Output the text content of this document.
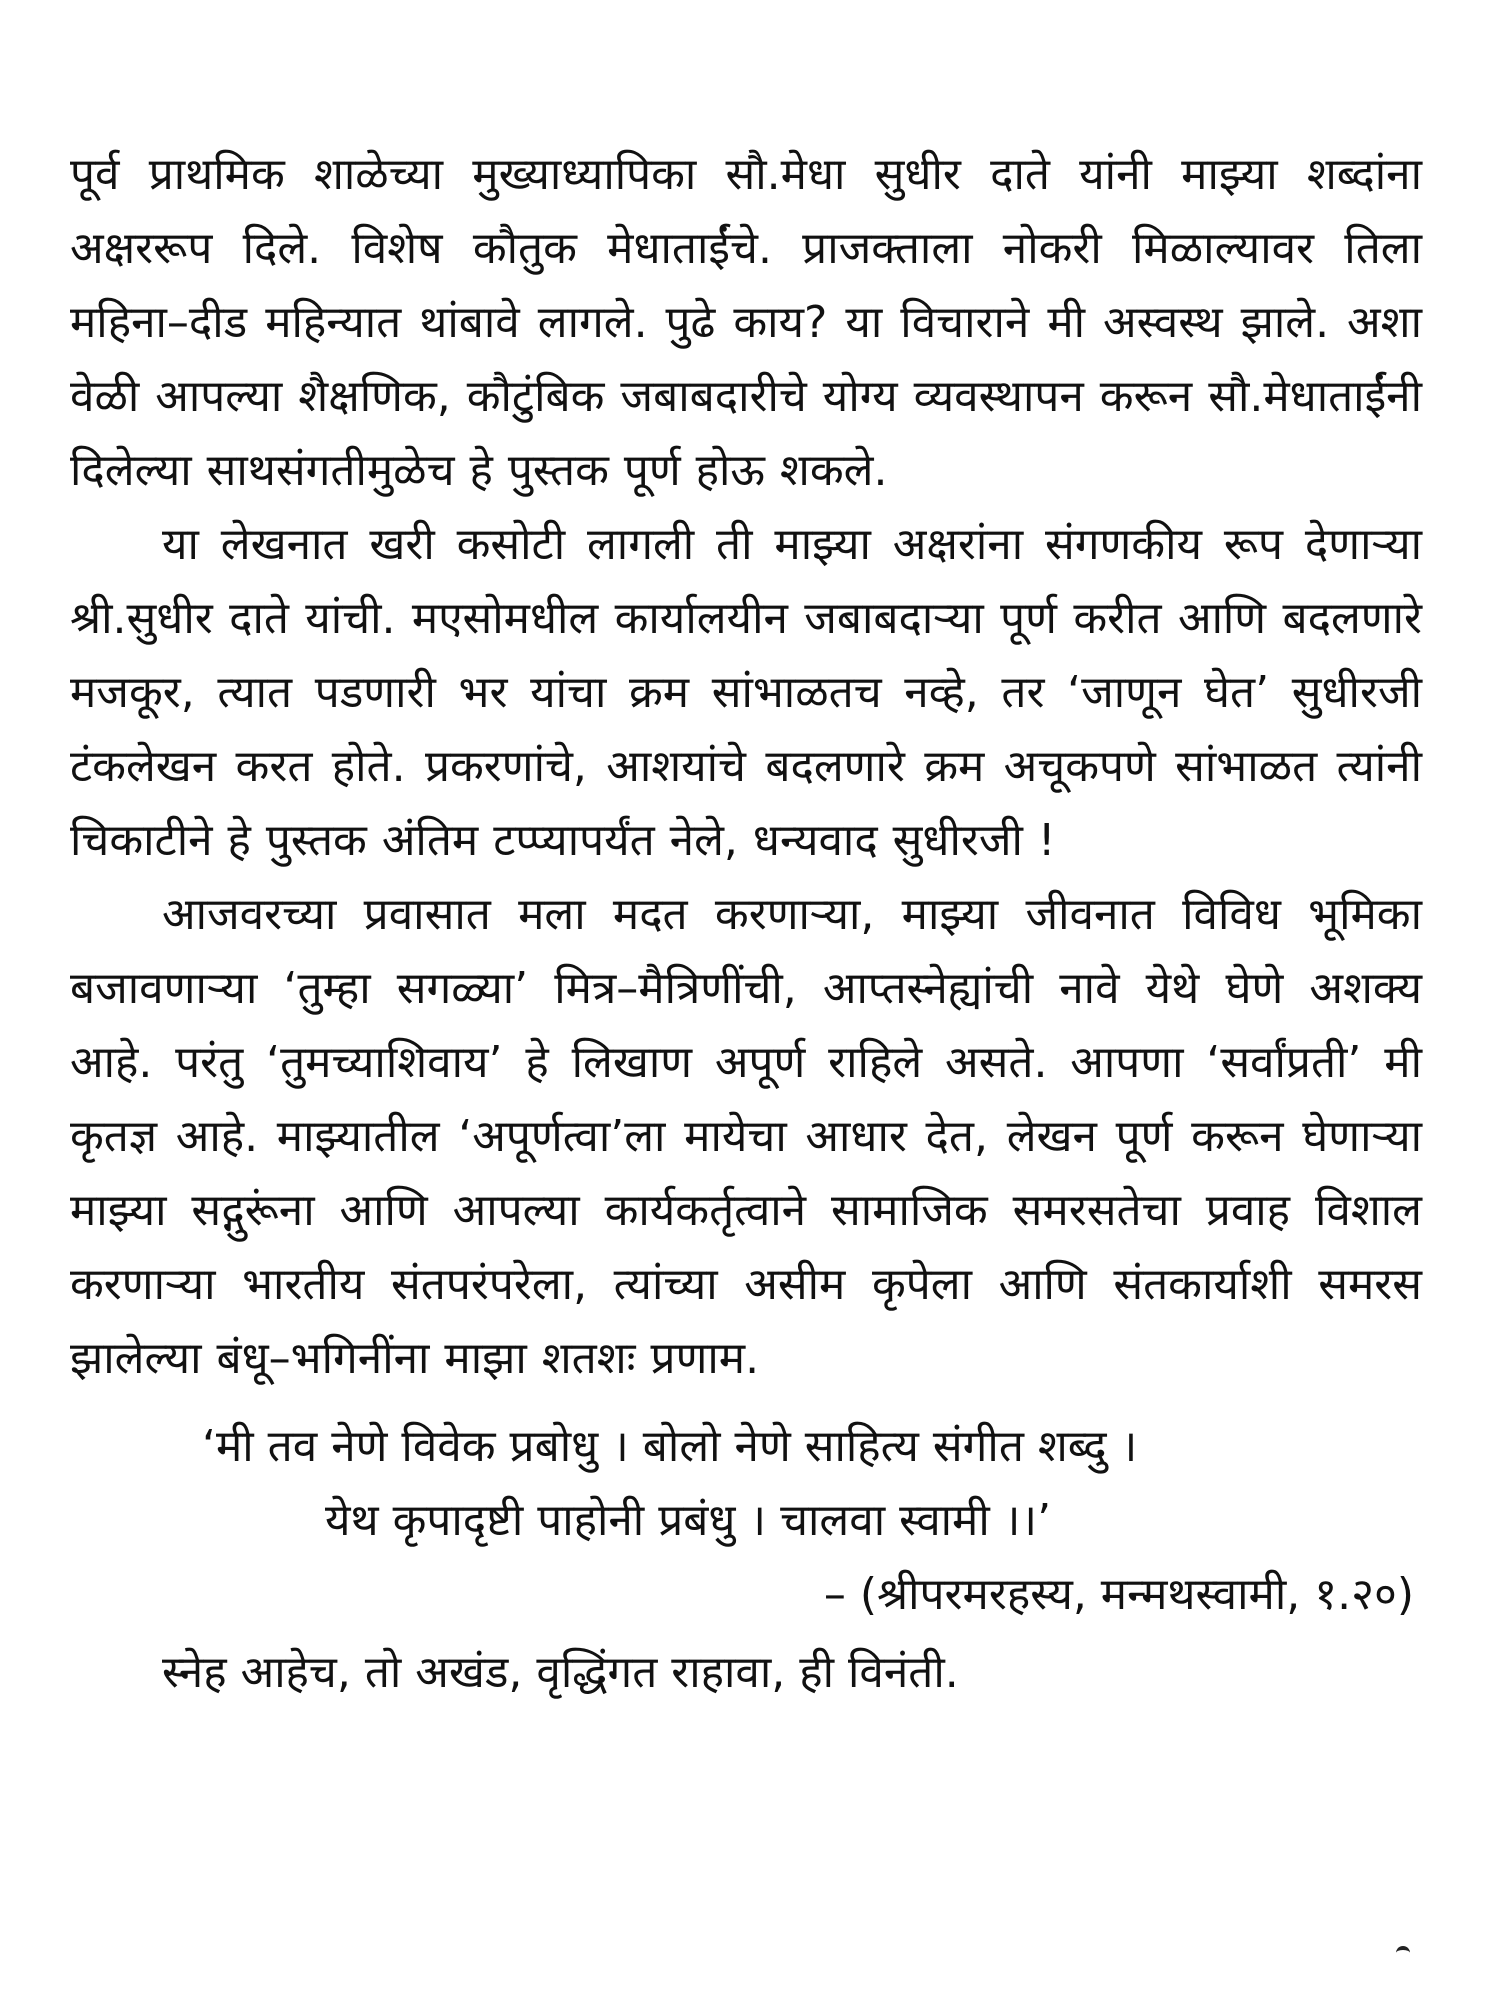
पूर्व प्राथमिक शाळेच्या मुख्याध्यापिका सौ.मेधा सुधीर दाते यांनी माझ्या शब्दांना अक्षररूप दिले. विशेष कौतुक मेधाताईंचे. प्राजक्ताला नोकरी मिळाल्यावर तिला महिना–दीड महिन्यात थांबावे लागले. पुढे काय? या विचाराने मी अस्वस्थ झाले. अशा वेळी आपल्या शैक्षणिक, कौटुंबिक जबाबदारीचे योग्य व्यवस्थापन करून सौ.मेधाताईंनी दिलेल्या साथसंगतीमुळेच हे पुस्तक पूर्ण होऊ शकले.

या लेखनात खरी कसोटी लागली ती माझ्या अक्षरांना संगणकीय रूप देणाऱ्या श्री.सुधीर दाते यांची. मएसोमधील कार्यालयीन जबाबदाऱ्या पूर्ण करीत आणि बदलणारे मजकूर, त्यात पडणारी भर यांचा क्रम सांभाळतच नव्हे, तर ‘जाणून घेत’ सुधीरजी टंकलेखन करत होते. प्रकरणांचे, आशयांचे बदलणारे क्रम अचूकपणे सांभाळत त्यांनी चिकाटीने हे पुस्तक अंतिम टप्प्यापर्यंत नेले, धन्यवाद सुधीरजी !

आजवरच्या प्रवासात मला मदत करणाऱ्या, माझ्या जीवनात विविध भूमिका बजावणाऱ्या ‘तुम्हा सगळ्या’ मित्र–मैत्रिणींची, आप्तस्नेह्यांची नावे येथे घेणे अशक्य आहे. परंतु ‘तुमच्याशिवाय’ हे लिखाण अपूर्ण राहिले असते. आपणा ‘सर्वांप्रती’ मी कृतज्ञ आहे. माझ्यातील ‘अपूर्णत्वा’ला मायेचा आधार देत, लेखन पूर्ण करून घेणाऱ्या माझ्या सद्गुरूंना आणि आपल्या कार्यकर्तृत्वाने सामाजिक समरसतेचा प्रवाह विशाल करणाऱ्या भारतीय संतपरंपरेला, त्यांच्या असीम कृपेला आणि संतकार्याशी समरस झालेल्या बंधू–भगिनींना माझा शतशः प्रणाम.

‘मी तव नेणे विवेक प्रबोधु । बोलो नेणे साहित्य संगीत शब्दु ।
येथ कृपादृष्टी पाहोनी प्रबंधु । चालवा स्वामी ।।’

– (श्रीपरमरहस्य, मन्मथस्वामी, १.२०)

स्नेह आहेच, तो अखंड, वृद्धिंगत राहावा, ही विनंती.
